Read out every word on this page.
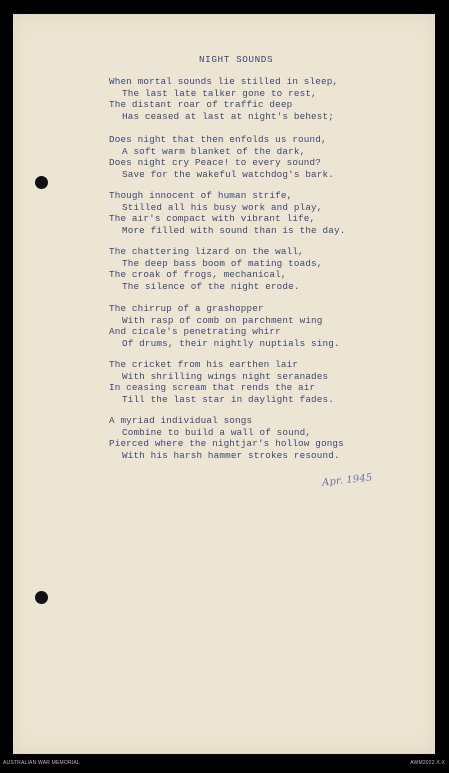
NIGHT SOUNDS
When mortal sounds lie stilled in sleep,
The last late talker gone to rest,
The distant roar of traffic deep
Has ceased at last at night's behest;
Does night that then enfolds us round,
A soft warm blanket of the dark,
Does night cry Peace! to every sound?
Save for the wakeful watchdog's bark.
Though innocent of human strife,
Stilled all his busy work and play,
The air's compact with vibrant life,
More filled with sound than is the day.
The chattering lizard on the wall,
The deep bass boom of mating toads,
The croak of frogs, mechanical,
The silence of the night erode.
The chirrup of a grashopper
With rasp of comb on parchment wing
And cicale's penetrating whirr
Of drums, their nightly nuptials sing.
The cricket from his earthen lair
With shrilling wings night seranades
In ceasing scream that rends the air
Till the last star in daylight fades.
A myriad individual songs
Combine to build a wall of sound,
Pierced where the nightjar's hollow gongs
With his harsh hammer strokes resound.
Apr. 1945
AUSTRALIAN WAR MEMORIAL	AWM2022.X.X
